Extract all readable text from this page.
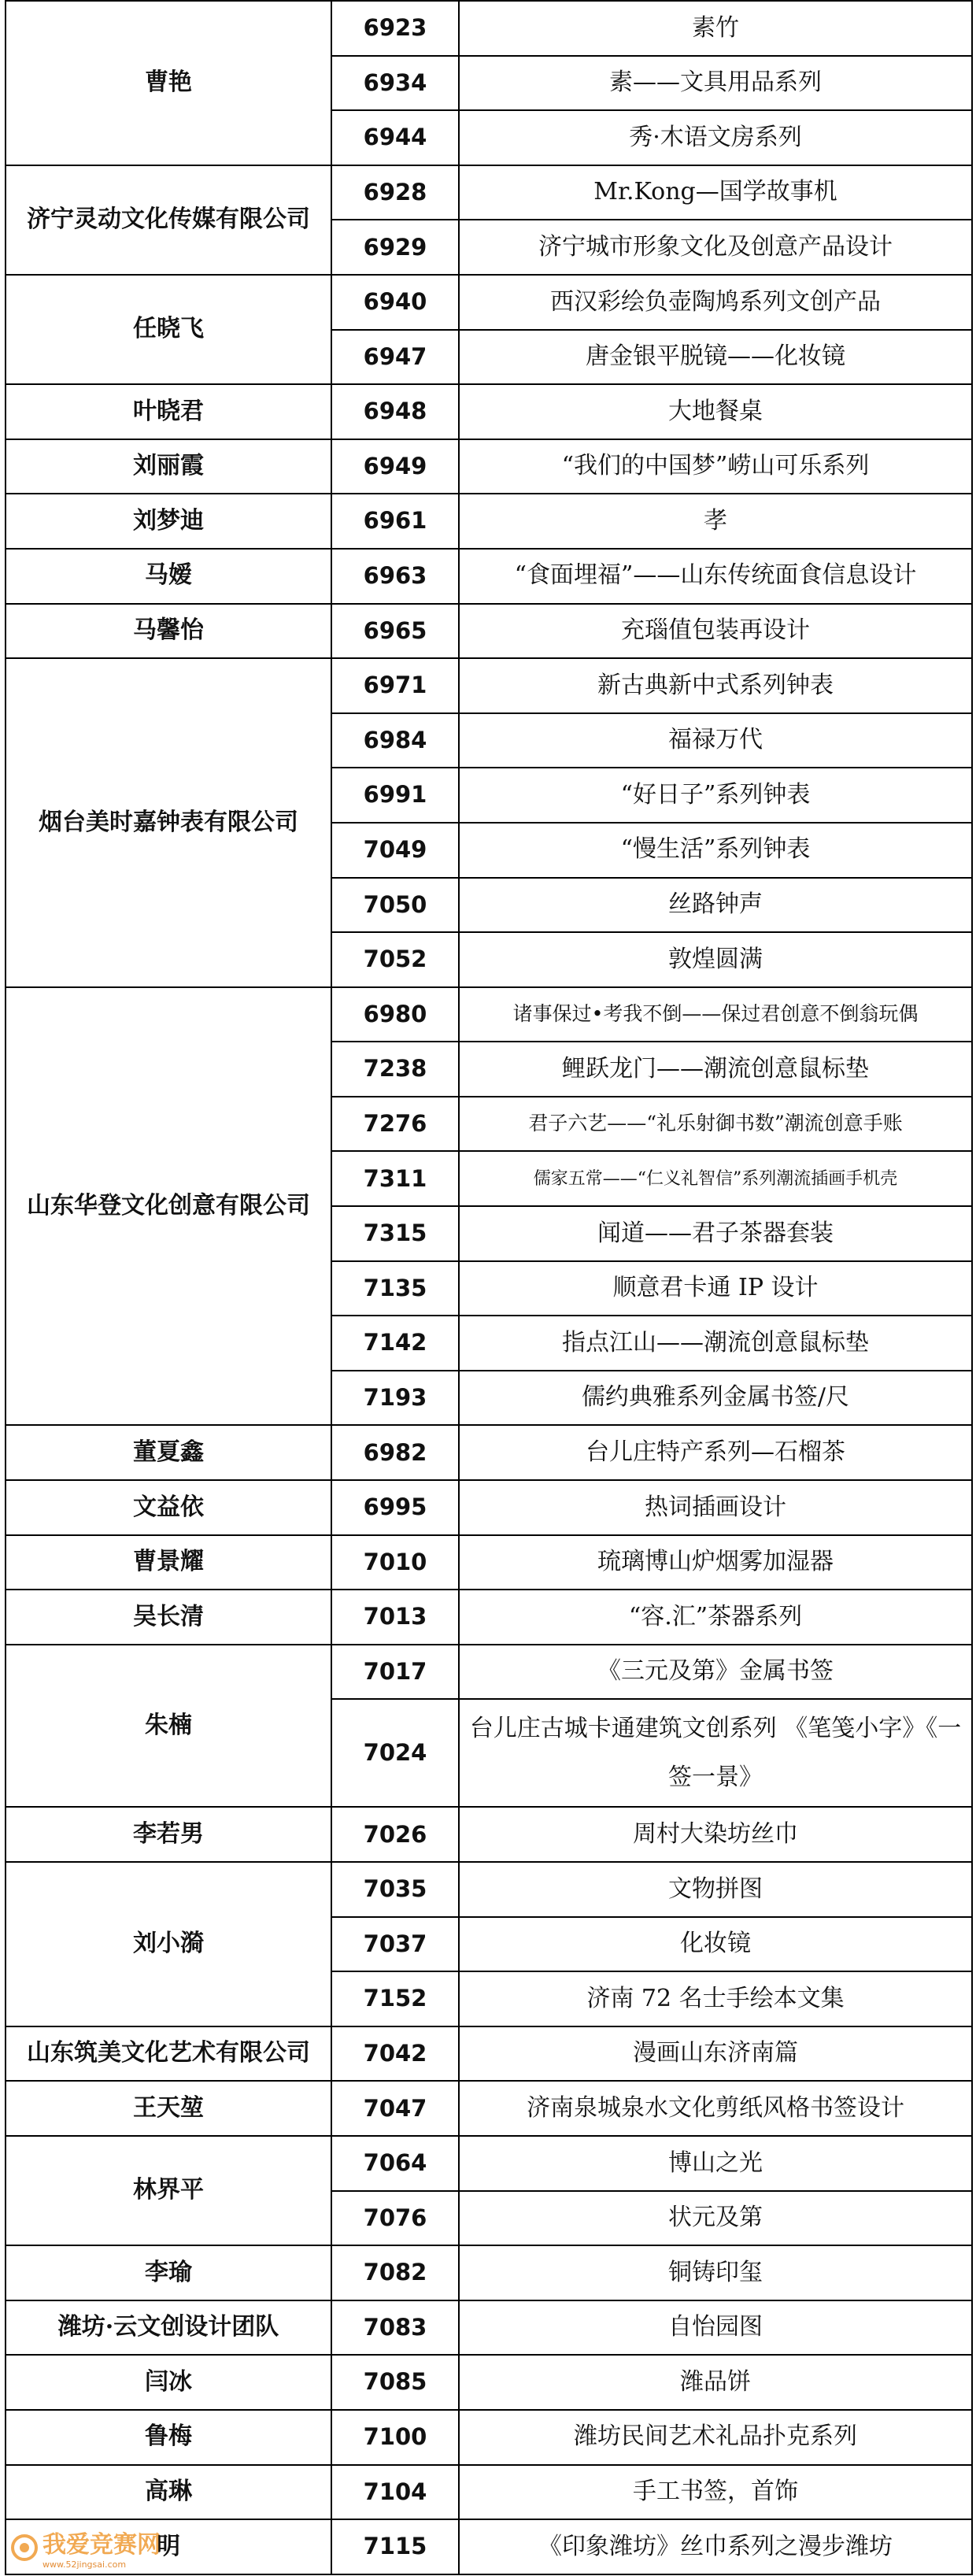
曹艳	6923	素竹
	6934	素——文具用品系列
	6944	秀·木语文房系列
济宁灵动文化传媒有限公司	6928	Mr.Kong—国学故事机
	6929	济宁城市形象文化及创意产品设计
任晓飞	6940	西汉彩绘负壶陶鸠系列文创产品
	6947	唐金银平脱镜——化妆镜
叶晓君	6948	大地餐桌
刘丽霞	6949	“我们的中国梦”崂山可乐系列
刘梦迪	6961	孝
马嫒	6963	“食面埋福”——山东传统面食信息设计
马馨怡	6965	充瑙值包装再设计
烟台美时嘉钟表有限公司	6971	新古典新中式系列钟表
	6984	福禄万代
	6991	“好日子”系列钟表
	7049	“慢生活”系列钟表
	7050	丝路钟声
	7052	敦煌圆满
山东华登文化创意有限公司	6980	诸事保过•考我不倒——保过君创意不倒翁玩偶
	7238	鲤跃龙门——潮流创意鼠标垫
	7276	君子六艺——“礼乐射御书数”潮流创意手账
	7311	儒家五常——“仁义礼智信”系列潮流插画手机壳
	7315	闻道——君子茶器套装
	7135	顺意君卡通 IP 设计
	7142	指点江山——潮流创意鼠标垫
	7193	儒约典雅系列金属书签/尺
董夏鑫	6982	台儿庄特产系列—石榴茶
文益依	6995	热词插画设计
曹景耀	7010	琉璃博山炉烟雾加湿器
吴长清	7013	“容.汇”茶器系列
朱楠	7017	《三元及第》金属书签
	7024	台儿庄古城卡通建筑文创系列 《笔笺小字》《一签一景》
李若男	7026	周村大染坊丝巾
刘小漪	7035	文物拼图
	7037	化妆镜
	7152	济南 72 名士手绘本文集
山东筑美文化艺术有限公司	7042	漫画山东济南篇
王天堃	7047	济南泉城泉水文化剪纸风格书签设计
林界平	7064	博山之光
	7076	状元及第
李瑜	7082	铜铸印玺
潍坊·云文创设计团队	7083	自怡园图
闫冰	7085	潍品饼
鲁梅	7100	潍坊民间艺术礼品扑克系列
高琳	7104	手工书签，首饰
明	7115	《印象潍坊》丝巾系列之漫步潍坊
我爱竞赛网
www.52jingsai.com
